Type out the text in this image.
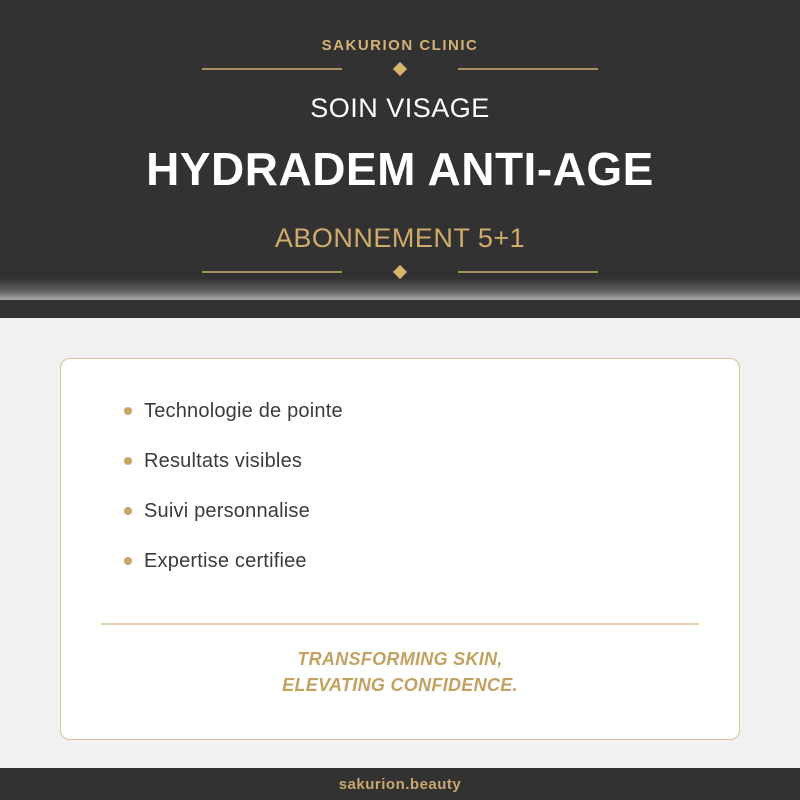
SAKURION CLINIC
SOIN VISAGE
HYDRADEM ANTI-AGE
ABONNEMENT 5+1
Technologie de pointe
Resultats visibles
Suivi personnalise
Expertise certifiee
TRANSFORMING SKIN,
ELEVATING CONFIDENCE.
sakurion.beauty
